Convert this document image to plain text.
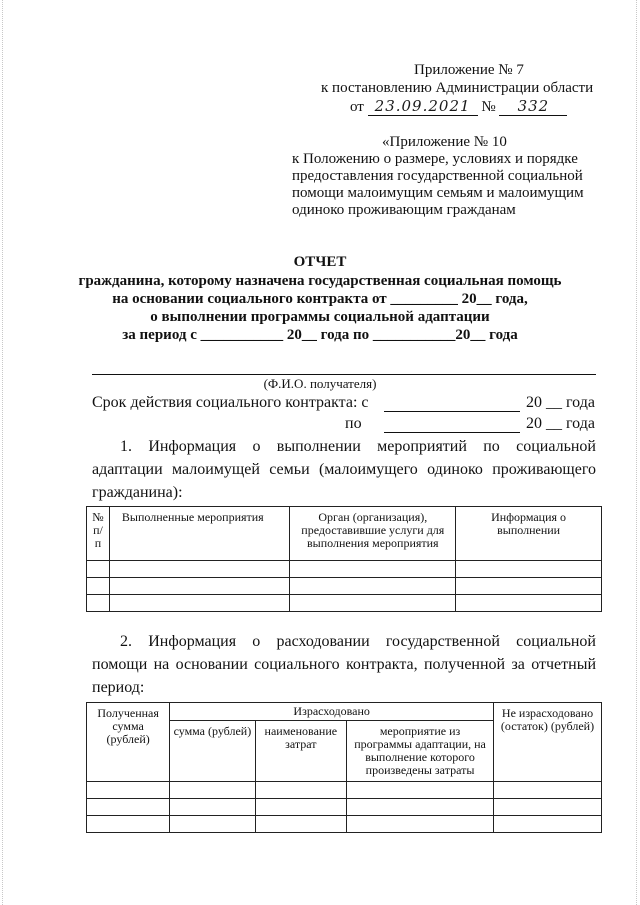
Приложение № 7
к постановлению Администрации области
от 23.09.2021 № 332
«Приложение № 10
к Положению о размере, условиях и порядке
предоставления государственной социальной
помощи малоимущим семьям и малоимущим
одиноко проживающим гражданам
ОТЧЕТ
гражданина, которому назначена государственная социальная помощь
на основании социального контракта от _________ 20__ года,
о выполнении программы социальной адаптации
за период с ___________ 20__ года по ___________20__ года
(Ф.И.О. получателя)
Срок действия социального контракта: с	20 __ года
по	20 __ года
1. Информация о выполнении мероприятий по социальной
адаптации малоимущей семьи (малоимущего одиноко проживающего
гражданина):
№ п/п	Выполненные мероприятия	Орган (организация), предоставившие услуги для выполнения мероприятия	Информация о выполнении

2. Информация о расходовании государственной социальной
помощи на основании социального контракта, полученной за отчетный
период:
Полученная сумма (рублей)	Израсходовано			Не израсходовано (остаток) (рублей)
	сумма (рублей)	наименование затрат	мероприятие из программы адаптации, на выполнение которого произведены затраты	
